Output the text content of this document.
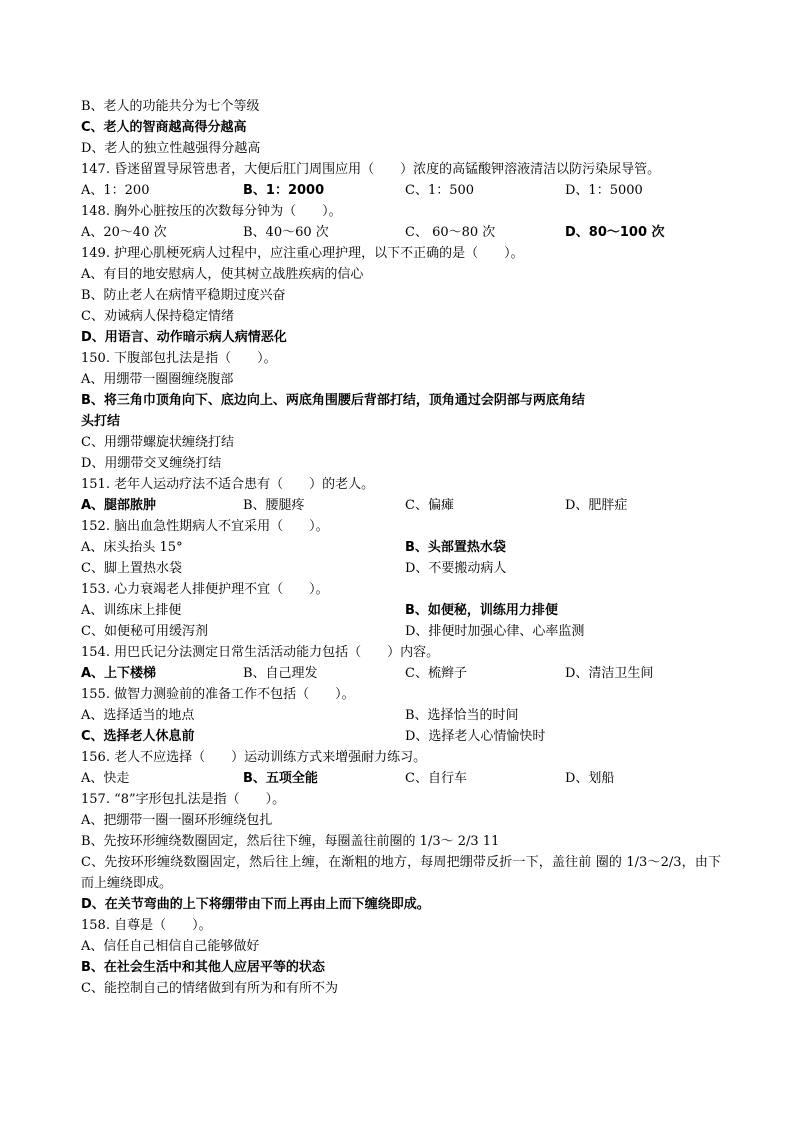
B、老人的功能共分为七个等级
C、老人的智商越高得分越高
D、老人的独立性越强得分越高
147. 昏迷留置导尿管患者，大便后肛门周围应用（　　）浓度的高锰酸钾溶液清洁以防污染尿导管。
A、1：200	B、1：2000	C、1：500	D、1：5000
148. 胸外心脏按压的次数每分钟为（　　）。
A、20～40 次	B、40～60 次	C、 60～80 次	D、80～100 次
149. 护理心肌梗死病人过程中，应注重心理护理，以下不正确的是（　　）。
A、有目的地安慰病人，使其树立战胜疾病的信心
B、防止老人在病情平稳期过度兴奋
C、劝诫病人保持稳定情绪
D、用语言、动作暗示病人病情恶化
150. 下腹部包扎法是指（　　）。
A、用绷带一圈圈缠绕腹部
B、将三角巾顶角向下、底边向上、两底角围腰后背部打结，顶角通过会阴部与两底角结
头打结
C、用绷带螺旋状缠绕打结
D、用绷带交叉缠绕打结
151. 老年人运动疗法不适合患有（　　）的老人。
A、腿部脓肿	B、腰腿疼	C、偏瘫	D、肥胖症
152. 脑出血急性期病人不宜采用（　　）。
A、床头抬头 15°	B、头部置热水袋
C、脚上置热水袋	D、不要搬动病人
153. 心力衰竭老人排便护理不宜（　　）。
A、训练床上排便	B、如便秘，训练用力排便
C、如便秘可用缓泻剂	D、排便时加强心律、心率监测
154. 用巴氏记分法测定日常生活活动能力包括（　　）内容。
A、上下楼梯	B、自己理发	C、梳辫子	D、清洁卫生间
155. 做智力测验前的准备工作不包括（　　）。
A、选择适当的地点	B、选择恰当的时间
C、选择老人休息前	D、选择老人心情愉快时
156. 老人不应选择（　　）运动训练方式来增强耐力练习。
A、快走	B、五项全能	C、自行车	D、划船
157. “8”字形包扎法是指（　　）。
A、把绷带一圈一圈环形缠绕包扎
B、先按环形缠绕数圈固定，然后往下缠，每圈盖往前圈的 1/3～ 2/3 11
C、先按环形缠绕数圈固定，然后往上缠，在渐粗的地方，每周把绷带反折一下，盖往前 圈的 1/3～2/3，由下而上缠绕即成。
D、在关节弯曲的上下将绷带由下而上再由上而下缠绕即成。
158. 自尊是（　　）。
A、信任自己相信自己能够做好
B、在社会生活中和其他人应居平等的状态
C、能控制自己的情绪做到有所为和有所不为
